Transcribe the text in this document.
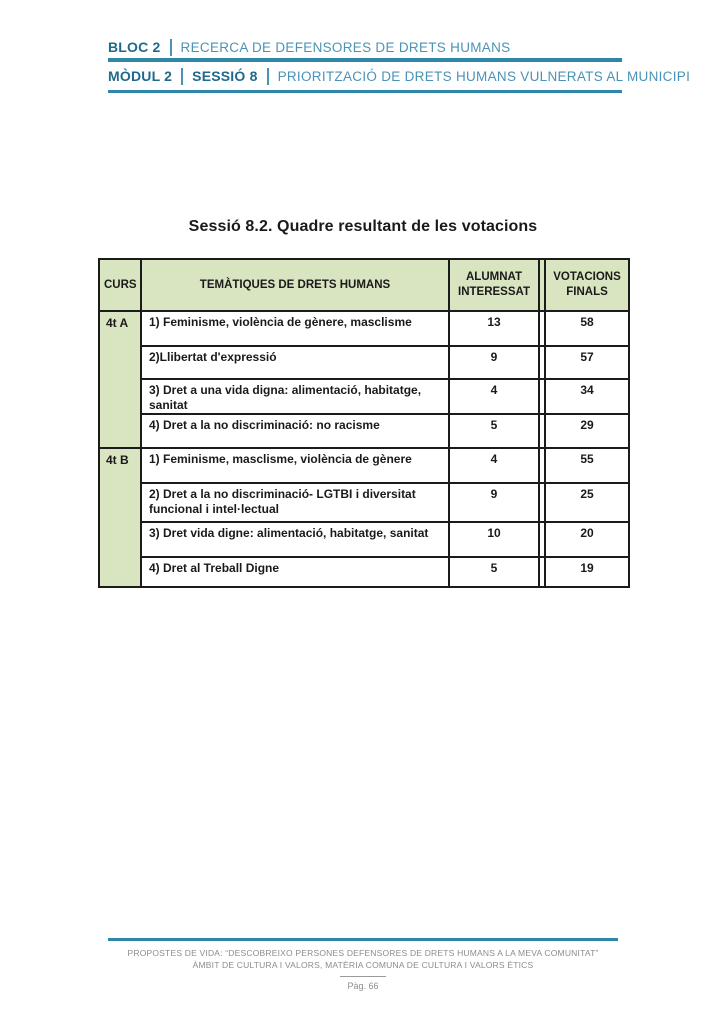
BLOC 2 RECERCA DE DEFENSORES DE DRETS HUMANS
MÒDUL 2 SESSIÓ 8 PRIORITZACIÓ DE DRETS HUMANS VULNERATS AL MUNICIPI
Sessió 8.2. Quadre resultant de les votacions
CURS	TEMÀTIQUES DE DRETS HUMANS	ALUMNAT INTERESSAT		VOTACIONS FINALS
4t A	1) Feminisme, violència de gènere, masclisme	13		58
	2)Llibertat d'expressió	9		57
	3) Dret a una vida digna: alimentació, habitatge, sanitat	4		34
	4) Dret a la no discriminació: no racisme	5		29
4t B	1) Feminisme, masclisme, violència de gènere	4		55
	2) Dret a la no discriminació- LGTBI i diversitat funcional i intel·lectual	9		25
	3) Dret vida digne: alimentació, habitatge, sanitat	10		20
	4) Dret al Treball Digne	5		19
PROPOSTES DE VIDA: “DESCOBREIXO PERSONES DEFENSORES DE DRETS HUMANS A LA MEVA COMUNITAT”
ÀMBIT DE CULTURA I VALORS, MATÈRIA COMUNA DE CULTURA I VALORS ÈTICS
Pàg. 66
